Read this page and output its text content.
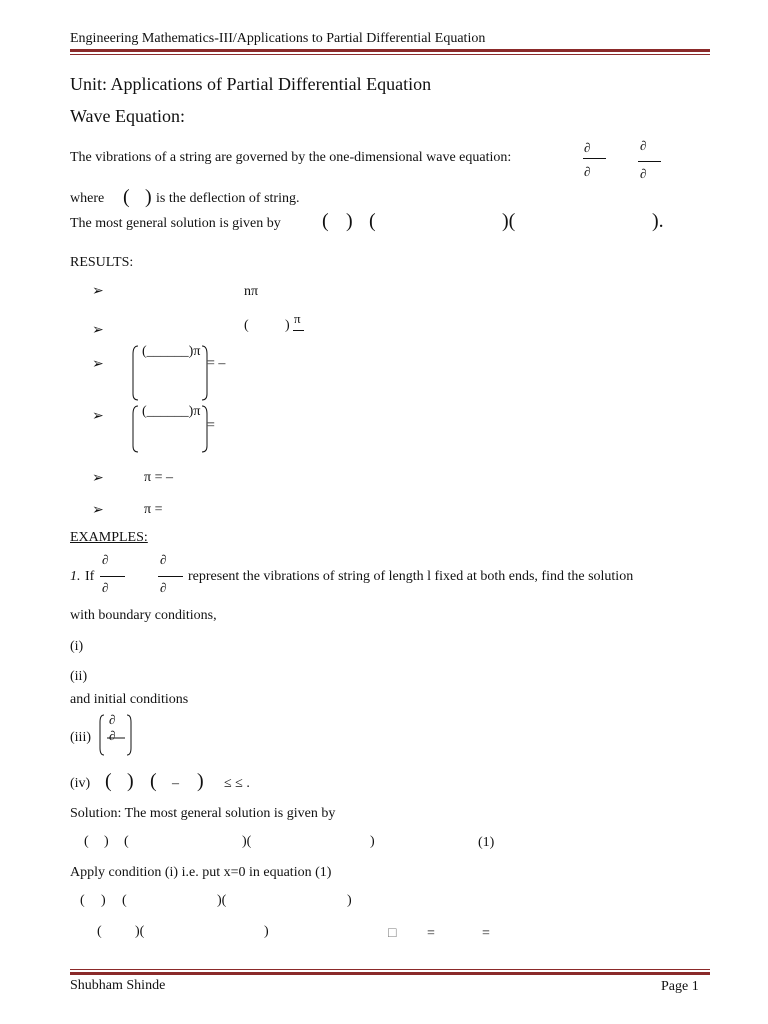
Engineering Mathematics-III/Applications to Partial Differential Equation
Unit: Applications of Partial Differential Equation
Wave Equation:
The vibrations of a string are governed by the one-dimensional wave equation:
∂
∂
∂
∂
where ( ) is the deflection of string.
The most general solution is given by ( ) (	)(	).
RESULTS:
➢	nπ
➢	(	) π
➢
(______)π
= –
➢	(______)π
=
➢	π = –
➢	π =
EXAMPLES:
1. If
∂
∂
∂
∂
represent the vibrations of string of length l fixed at both ends, find the solution
with boundary conditions,
(i)
(ii)
and initial conditions
(iii)
∂
∂
(iv) ( ) ( – ) ≤ ≤ .
Solution: The most general solution is given by
( ) (	)(	)	(1)
Apply condition (i) i.e. put x=0 in equation (1)
( ) (	)(	)
( )(	)	□ =	=
Shubham Shinde	Page 1
